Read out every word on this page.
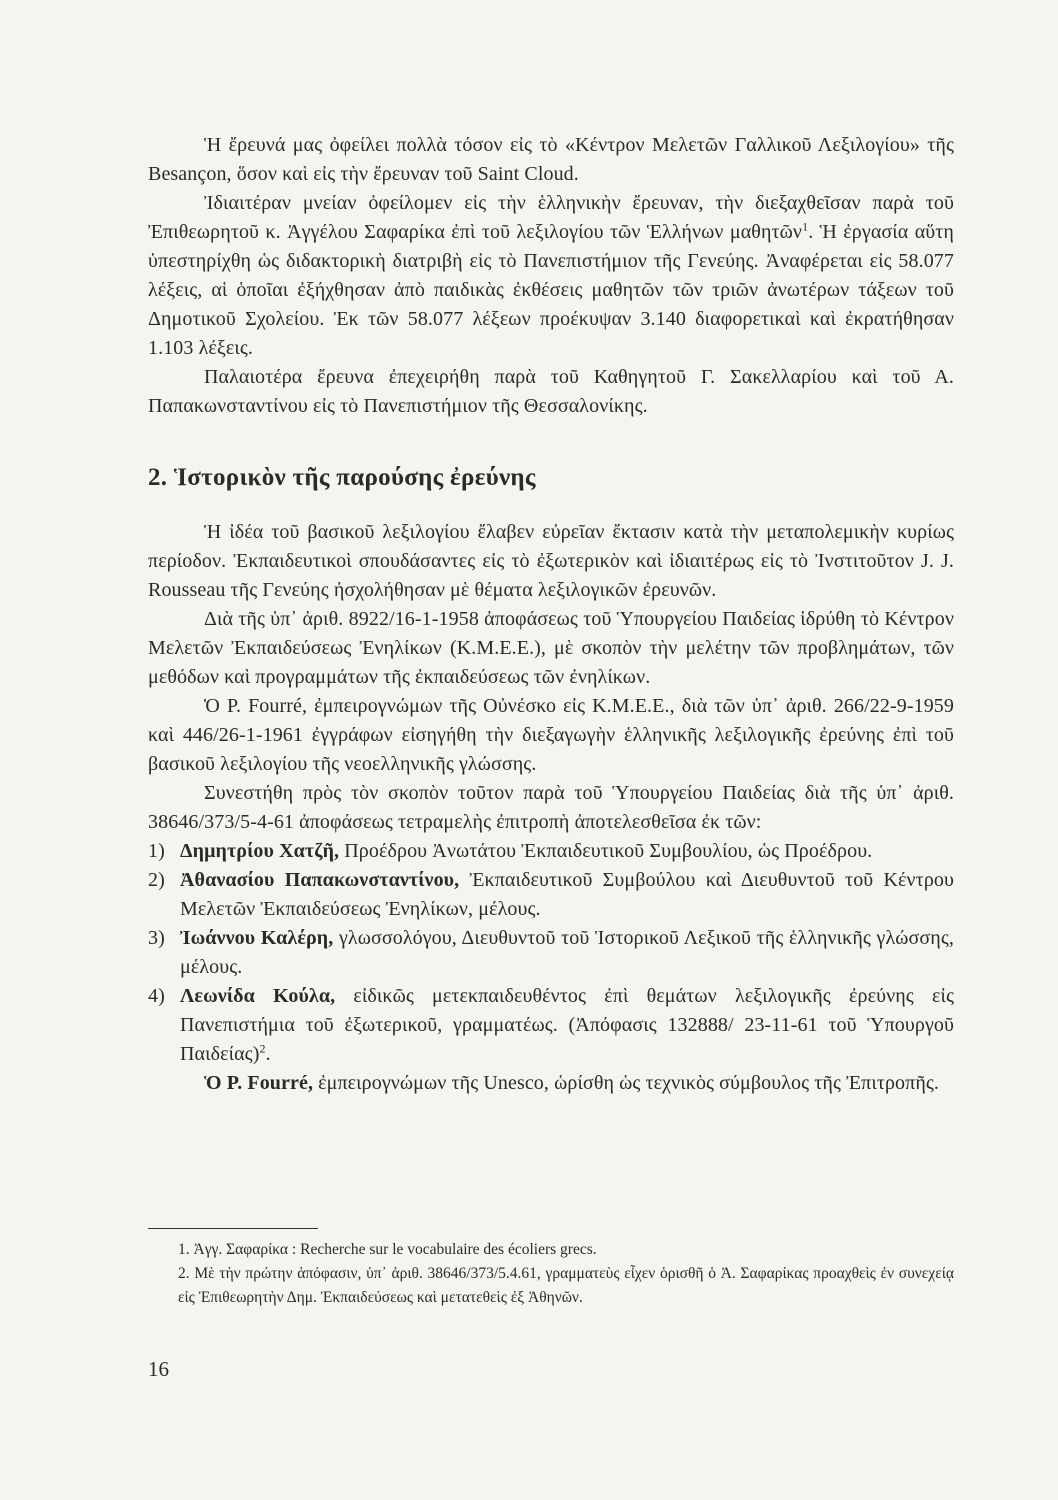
Ἡ ἔρευνά μας ὀφείλει πολλὰ τόσον εἰς τὸ «Κέντρον Μελετῶν Γαλλικοῦ Λεξιλογίου» τῆς Besançon, ὅσον καὶ εἰς τὴν ἔρευναν τοῦ Saint Cloud.

Ἰδιαιτέραν μνείαν ὀφείλομεν εἰς τὴν ἑλληνικὴν ἔρευναν, τὴν διεξαχθεῖσαν παρὰ τοῦ Ἐπιθεωρητοῦ κ. Ἀγγέλου Σαφαρίκα ἐπὶ τοῦ λεξιλογίου τῶν Ἑλλήνων μαθητῶν$^1$. Ἡ ἐργασία αὕτη ὑπεστηρίχθη ὡς διδακτορικὴ διατριβὴ εἰς τὸ Πανεπιστήμιον τῆς Γενεύης. Ἀναφέρεται εἰς 58.077 λέξεις, αἱ ὁποῖαι ἐξήχθησαν ἀπὸ παιδικὰς ἐκθέσεις μαθητῶν τῶν τριῶν ἀνωτέρων τάξεων τοῦ Δημοτικοῦ Σχολείου. Ἐκ τῶν 58.077 λέξεων προέκυψαν 3.140 διαφορετικαὶ καὶ ἐκρατήθησαν 1.103 λέξεις.

Παλαιοτέρα ἔρευνα ἐπεχειρήθη παρὰ τοῦ Καθηγητοῦ Γ. Σακελλαρίου καὶ τοῦ Α. Παπακωνσταντίνου εἰς τὸ Πανεπιστήμιον τῆς Θεσσαλονίκης.

2. Ἱστορικὸν τῆς παρούσης ἐρεύνης

Ἡ ἰδέα τοῦ βασικοῦ λεξιλογίου ἔλαβεν εὐρεῖαν ἔκτασιν κατὰ τὴν μεταπολεμικὴν κυρίως περίοδον. Ἐκπαιδευτικοὶ σπουδάσαντες εἰς τὸ ἐξωτερικὸν καὶ ἰδιαιτέρως εἰς τὸ Ἰνστιτοῦτον J. J. Rousseau τῆς Γενεύης ἠσχολήθησαν μὲ θέματα λεξιλογικῶν ἐρευνῶν.

Διὰ τῆς ὑπ᾽ ἀριθ. 8922/16-1-1958 ἀποφάσεως τοῦ Ὑπουργείου Παιδείας ἱδρύθη τὸ Κέντρον Μελετῶν Ἐκπαιδεύσεως Ἐνηλίκων (Κ.Μ.Ε.Ε.), μὲ σκοπὸν τὴν μελέτην τῶν προβλημάτων, τῶν μεθόδων καὶ προγραμμάτων τῆς ἐκπαιδεύσεως τῶν ἐνηλίκων.

Ὁ P. Fourré, ἐμπειρογνώμων τῆς Οὐνέσκο εἰς Κ.Μ.Ε.Ε., διὰ τῶν ὑπ᾽ ἀριθ. 266/22-9-1959 καὶ 446/26-1-1961 ἐγγράφων εἰσηγήθη τὴν διεξαγωγὴν ἑλληνικῆς λεξιλογικῆς ἐρεύνης ἐπὶ τοῦ βασικοῦ λεξιλογίου τῆς νεοελληνικῆς γλώσσης.

Συνεστήθη πρὸς τὸν σκοπὸν τοῦτον παρὰ τοῦ Ὑπουργείου Παιδείας διὰ τῆς ὑπ᾽ ἀριθ. 38646/373/5-4-61 ἀποφάσεως τετραμελὴς ἐπιτροπὴ ἀποτελεσθεῖσα ἐκ τῶν:

1) Δημητρίου Χατζῆ, Προέδρου Ἀνωτάτου Ἐκπαιδευτικοῦ Συμβουλίου, ὡς Προέδρου.
2) Ἀθανασίου Παπακωνσταντίνου, Ἐκπαιδευτικοῦ Συμβούλου καὶ Διευθυντοῦ τοῦ Κέντρου Μελετῶν Ἐκπαιδεύσεως Ἐνηλίκων, μέλους.
3) Ἰωάννου Καλέρη, γλωσσολόγου, Διευθυντοῦ τοῦ Ἱστορικοῦ Λεξικοῦ τῆς ἑλληνικῆς γλώσσης, μέλους.
4) Λεωνίδα Κούλα, εἰδικῶς μετεκπαιδευθέντος ἐπὶ θεμάτων λεξιλογικῆς ἐρεύνης εἰς Πανεπιστήμια τοῦ ἐξωτερικοῦ, γραμματέως. (Ἀπόφασις 132888/ 23-11-61 τοῦ Ὑπουργοῦ Παιδείας)$^2$.

Ὁ P. Fourré, ἐμπειρογνώμων τῆς Unesco, ὡρίσθη ὡς τεχνικὸς σύμβουλος τῆς Ἐπιτροπῆς.

1. Ἀγγ. Σαφαρίκα : Recherche sur le vocabulaire des écoliers grecs.

2. Μὲ τὴν πρώτην ἀπόφασιν, ὑπ᾽ ἀριθ. 38646/373/5.4.61, γραμματεὺς εἶχεν ὁρισθῆ ὁ Ἀ. Σαφαρίκας προαχθεὶς ἐν συνεχείᾳ εἰς Ἐπιθεωρητὴν Δημ. Ἐκπαιδεύσεως καὶ μετατεθεὶς ἐξ Ἀθηνῶν.

16
